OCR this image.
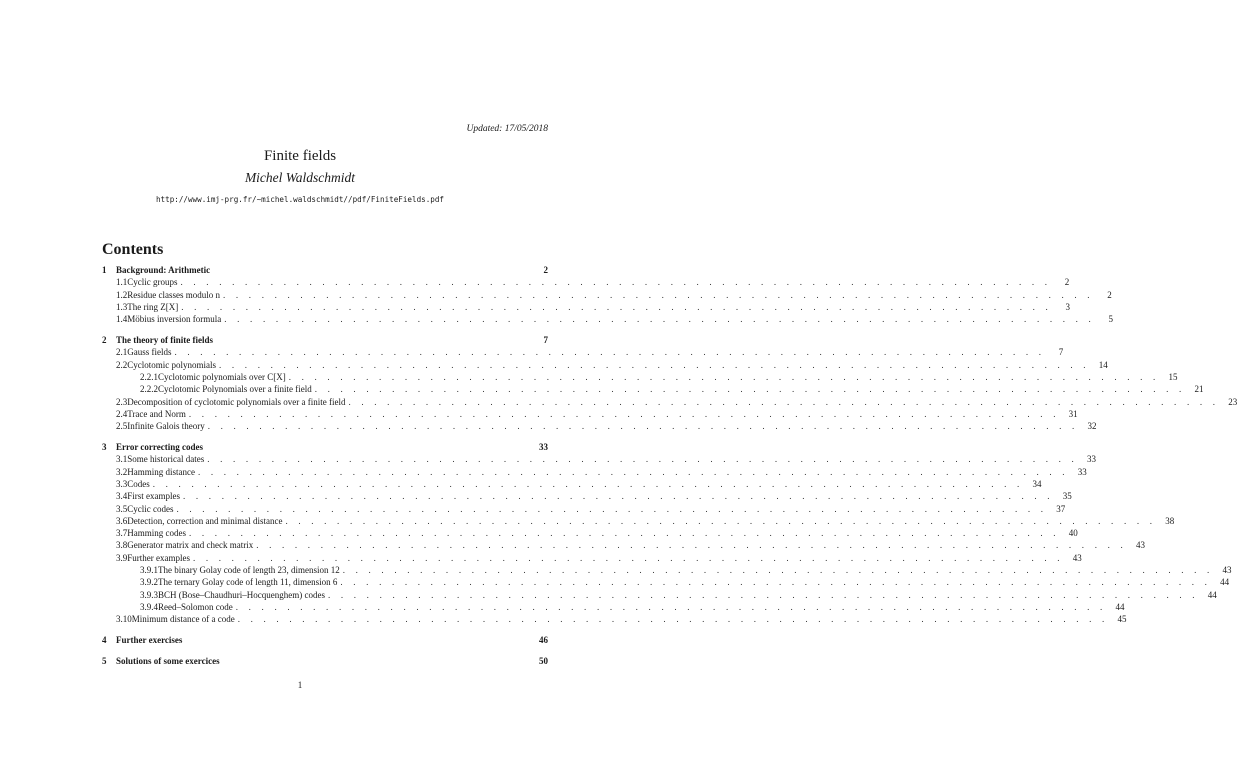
Updated: 17/05/2018
Finite fields
Michel Waldschmidt
http://www.imj-prg.fr/~michel.waldschmidt//pdf/FiniteFields.pdf
Contents
1	Background: Arithmetic	2
1.1 Cyclic groups . . . . . . . . . . . . . . . . . . . . . . . . . . . . . . . . . . . . . . . . . . . . . . . . . . . . . . . . . . . . . . . . . . . .	2
1.2 Residue classes modulo n . . . . . . . . . . . . . . . . . . . . . . . . . . . . . . . . . . . . . . . . . . . . . . . . . . . . . . . . . . . . . . . . . . . .	2
1.3 The ring Z[X] . . . . . . . . . . . . . . . . . . . . . . . . . . . . . . . . . . . . . . . . . . . . . . . . . . . . . . . . . . . . . . . . . . . .	3
1.4 Möbius inversion formula . . . . . . . . . . . . . . . . . . . . . . . . . . . . . . . . . . . . . . . . . . . . . . . . . . . . . . . . . . . . . . . . . . . .	5
2	The theory of finite fields	7
2.1 Gauss fields . . . . . . . . . . . . . . . . . . . . . . . . . . . . . . . . . . . . . . . . . . . . . . . . . . . . . . . . . . . . . . . . . . . .	7
2.2 Cyclotomic polynomials . . . . . . . . . . . . . . . . . . . . . . . . . . . . . . . . . . . . . . . . . . . . . . . . . . . . . . . . . . . . . . . . . . . .	14
2.2.1 Cyclotomic polynomials over C[X] . . . . . . . . . . . . . . . . . . . . . . . . . . . . . . . . . . . . . . . . . . . . . . . . . . . . . . . . . . . . . . . . . . . .	15
2.2.2 Cyclotomic Polynomials over a finite field . . . . . . . . . . . . . . . . . . . . . . . . . . . . . . . . . . . . . . . . . . . . . . . . . . . . . . . . . . . . . . . . . . . .	21
2.3 Decomposition of cyclotomic polynomials over a finite field . . . . . . . . . . . . . . . . . . . . . . . . . . . . . . . . . . . . . . . . . . . . . . . . . . . . . . . . . . . . . . . . . . . .	23
2.4 Trace and Norm . . . . . . . . . . . . . . . . . . . . . . . . . . . . . . . . . . . . . . . . . . . . . . . . . . . . . . . . . . . . . . . . . . . .	31
2.5 Infinite Galois theory . . . . . . . . . . . . . . . . . . . . . . . . . . . . . . . . . . . . . . . . . . . . . . . . . . . . . . . . . . . . . . . . . . . .	32
3	Error correcting codes	33
3.1 Some historical dates . . . . . . . . . . . . . . . . . . . . . . . . . . . . . . . . . . . . . . . . . . . . . . . . . . . . . . . . . . . . . . . . . . . .	33
3.2 Hamming distance . . . . . . . . . . . . . . . . . . . . . . . . . . . . . . . . . . . . . . . . . . . . . . . . . . . . . . . . . . . . . . . . . . . .	33
3.3 Codes . . . . . . . . . . . . . . . . . . . . . . . . . . . . . . . . . . . . . . . . . . . . . . . . . . . . . . . . . . . . . . . . . . . .	34
3.4 First examples . . . . . . . . . . . . . . . . . . . . . . . . . . . . . . . . . . . . . . . . . . . . . . . . . . . . . . . . . . . . . . . . . . . .	35
3.5 Cyclic codes . . . . . . . . . . . . . . . . . . . . . . . . . . . . . . . . . . . . . . . . . . . . . . . . . . . . . . . . . . . . . . . . . . . .	37
3.6 Detection, correction and minimal distance . . . . . . . . . . . . . . . . . . . . . . . . . . . . . . . . . . . . . . . . . . . . . . . . . . . . . . . . . . . . . . . . . . . .	38
3.7 Hamming codes . . . . . . . . . . . . . . . . . . . . . . . . . . . . . . . . . . . . . . . . . . . . . . . . . . . . . . . . . . . . . . . . . . . .	40
3.8 Generator matrix and check matrix . . . . . . . . . . . . . . . . . . . . . . . . . . . . . . . . . . . . . . . . . . . . . . . . . . . . . . . . . . . . . . . . . . . .	43
3.9 Further examples . . . . . . . . . . . . . . . . . . . . . . . . . . . . . . . . . . . . . . . . . . . . . . . . . . . . . . . . . . . . . . . . . . . .	43
3.9.1 The binary Golay code of length 23, dimension 12 . . . . . . . . . . . . . . . . . . . . . . . . . . . . . . . . . . . . . . . . . . . . . . . . . . . . . . . . . . . . . . . . . . . .	43
3.9.2 The ternary Golay code of length 11, dimension 6 . . . . . . . . . . . . . . . . . . . . . . . . . . . . . . . . . . . . . . . . . . . . . . . . . . . . . . . . . . . . . . . . . . . .	44
3.9.3 BCH (Bose–Chaudhuri–Hocquenghem) codes . . . . . . . . . . . . . . . . . . . . . . . . . . . . . . . . . . . . . . . . . . . . . . . . . . . . . . . . . . . . . . . . . . . .	44
3.9.4 Reed–Solomon code . . . . . . . . . . . . . . . . . . . . . . . . . . . . . . . . . . . . . . . . . . . . . . . . . . . . . . . . . . . . . . . . . . . .	44
3.10 Minimum distance of a code . . . . . . . . . . . . . . . . . . . . . . . . . . . . . . . . . . . . . . . . . . . . . . . . . . . . . . . . . . . . . . . . . . . .	45
4	Further exercises	46
5	Solutions of some exercices	50
1
